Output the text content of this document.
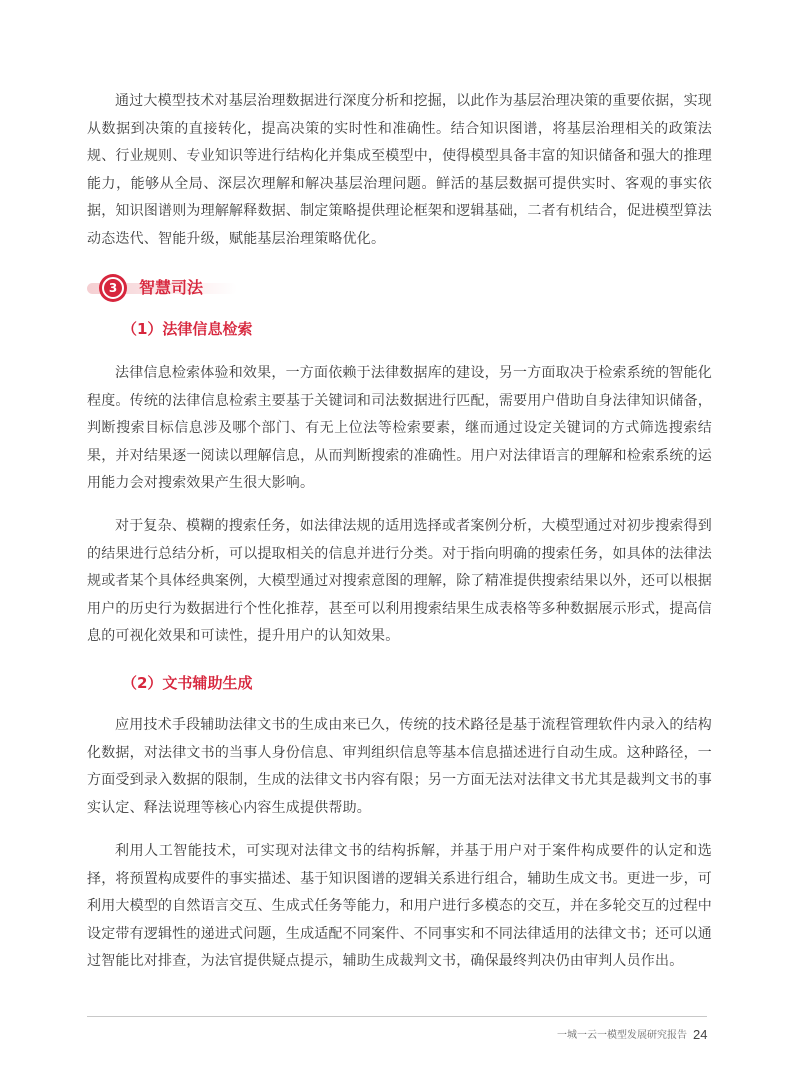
通过大模型技术对基层治理数据进行深度分析和挖掘，以此作为基层治理决策的重要依据，实现从数据到决策的直接转化，提高决策的实时性和准确性。结合知识图谱，将基层治理相关的政策法规、行业规则、专业知识等进行结构化并集成至模型中，使得模型具备丰富的知识储备和强大的推理能力，能够从全局、深层次理解和解决基层治理问题。鲜活的基层数据可提供实时、客观的事实依据，知识图谱则为理解解释数据、制定策略提供理论框架和逻辑基础，二者有机结合，促进模型算法动态迭代、智能升级，赋能基层治理策略优化。

3	智慧司法
（1）法律信息检索

法律信息检索体验和效果，一方面依赖于法律数据库的建设，另一方面取决于检索系统的智能化程度。传统的法律信息检索主要基于关键词和司法数据进行匹配，需要用户借助自身法律知识储备，判断搜索目标信息涉及哪个部门、有无上位法等检索要素，继而通过设定关键词的方式筛选搜索结果，并对结果逐一阅读以理解信息，从而判断搜索的准确性。用户对法律语言的理解和检索系统的运用能力会对搜索效果产生很大影响。

对于复杂、模糊的搜索任务，如法律法规的适用选择或者案例分析，大模型通过对初步搜索得到的结果进行总结分析，可以提取相关的信息并进行分类。对于指向明确的搜索任务，如具体的法律法规或者某个具体经典案例，大模型通过对搜索意图的理解，除了精准提供搜索结果以外，还可以根据用户的历史行为数据进行个性化推荐，甚至可以利用搜索结果生成表格等多种数据展示形式，提高信息的可视化效果和可读性，提升用户的认知效果。

（2）文书辅助生成

应用技术手段辅助法律文书的生成由来已久，传统的技术路径是基于流程管理软件内录入的结构化数据，对法律文书的当事人身份信息、审判组织信息等基本信息描述进行自动生成。这种路径，一方面受到录入数据的限制，生成的法律文书内容有限；另一方面无法对法律文书尤其是裁判文书的事实认定、释法说理等核心内容生成提供帮助。

利用人工智能技术，可实现对法律文书的结构拆解，并基于用户对于案件构成要件的认定和选择，将预置构成要件的事实描述、基于知识图谱的逻辑关系进行组合，辅助生成文书。更进一步，可利用大模型的自然语言交互、生成式任务等能力，和用户进行多模态的交互，并在多轮交互的过程中设定带有逻辑性的递进式问题，生成适配不同案件、不同事实和不同法律适用的法律文书；还可以通过智能比对排查，为法官提供疑点提示，辅助生成裁判文书，确保最终判决仍由审判人员作出。

一城一云一模型发展研究报告 24
